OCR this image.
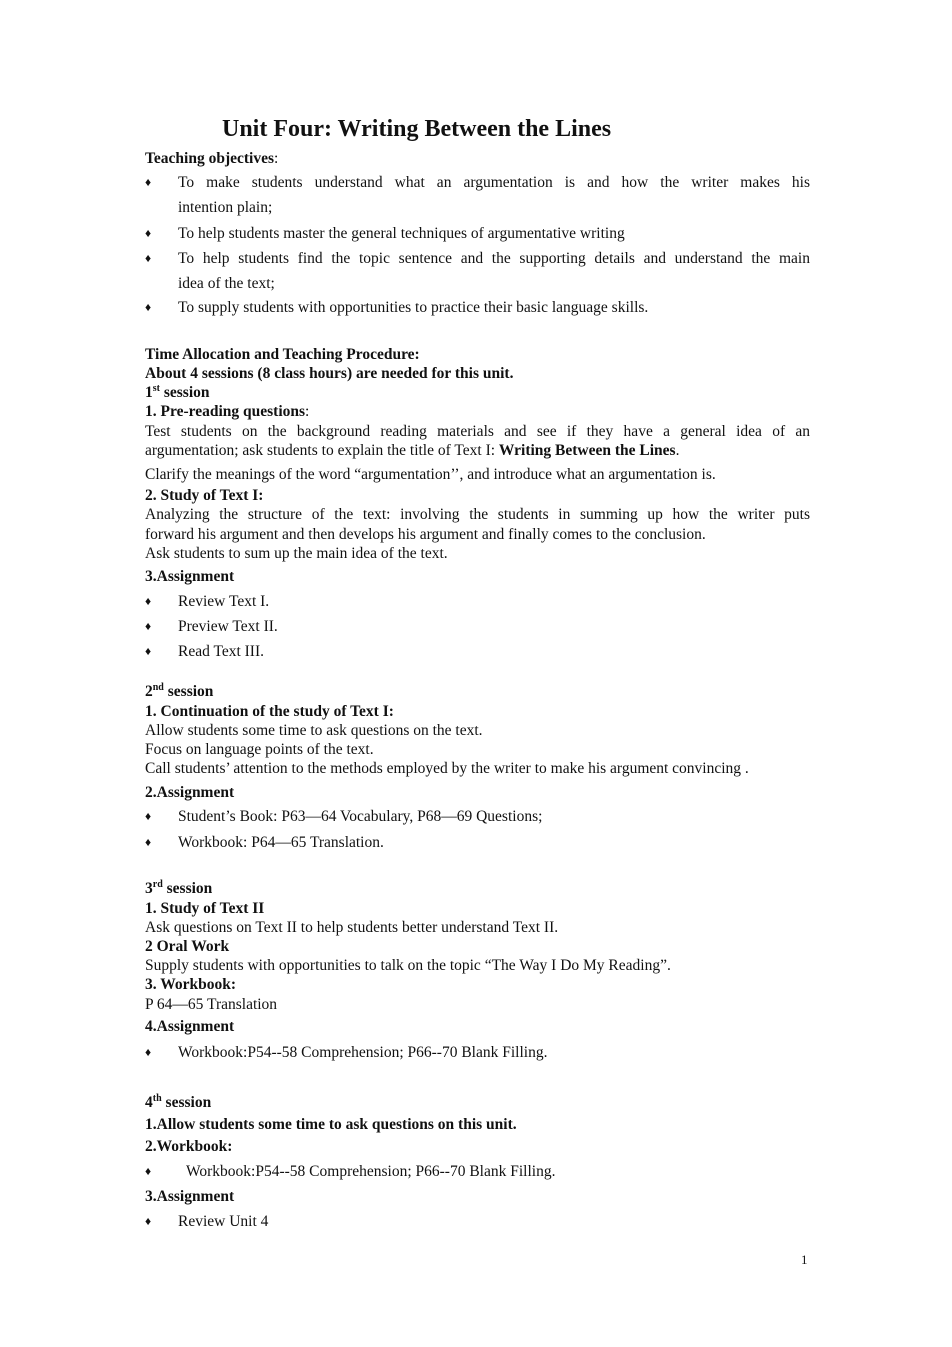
Unit Four: Writing Between the Lines
Teaching objectives:
♦	To make students understand what an argumentation is and how the writer makes his
intention plain;
♦	To help students master the general techniques of argumentative writing
♦	To help students find the topic sentence and the supporting details and understand the main
idea of the text;
♦	To supply students with opportunities to practice their basic language skills.
Time Allocation and Teaching Procedure:
About 4 sessions (8 class hours) are needed for this unit.
1st session
1. Pre-reading questions:
Test students on the background reading materials and see if they have a general idea of an
argumentation; ask students to explain the title of Text I: Writing Between the Lines.
Clarify the meanings of the word “argumentation’’, and introduce what an argumentation is.
2. Study of Text I:
Analyzing the structure of the text: involving the students in summing up how the writer puts
forward his argument and then develops his argument and finally comes to the conclusion.
Ask students to sum up the main idea of the text.
3.Assignment
♦	Review Text I.
♦	Preview Text II.
♦	Read Text III.
2nd session
1. Continuation of the study of Text I:
Allow students some time to ask questions on the text.
Focus on language points of the text.
Call students’ attention to the methods employed by the writer to make his argument convincing .
2.Assignment
♦	Student’s Book: P63—64 Vocabulary, P68—69 Questions;
♦	Workbook: P64—65 Translation.
3rd session
1. Study of Text II
Ask questions on Text II to help students better understand Text II.
2 Oral Work
Supply students with opportunities to talk on the topic “The Way I Do My Reading”.
3. Workbook:
P 64—65 Translation
4.Assignment
♦	Workbook:P54--58 Comprehension; P66--70 Blank Filling.
4th session
1.Allow students some time to ask questions on this unit.
2.Workbook:
♦	Workbook:P54--58 Comprehension; P66--70 Blank Filling.
3.Assignment
♦	Review Unit 4
1
